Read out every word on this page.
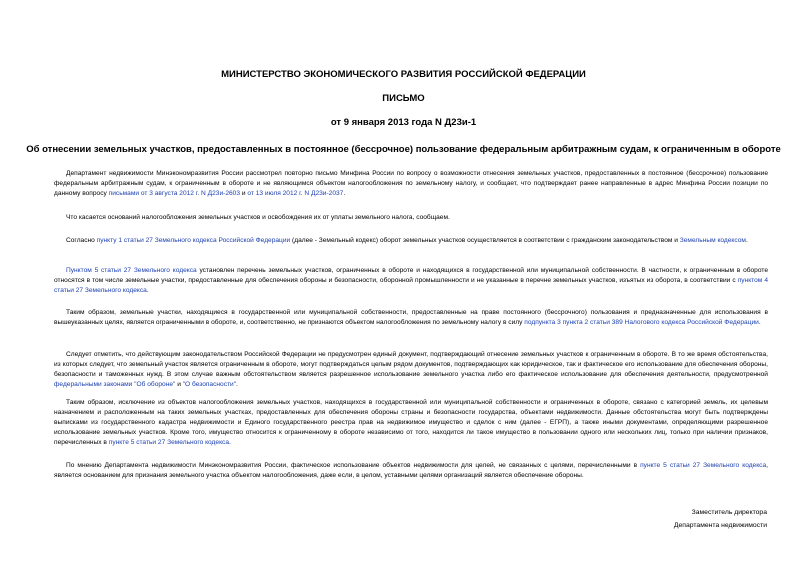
МИНИСТЕРСТВО ЭКОНОМИЧЕСКОГО РАЗВИТИЯ РОССИЙСКОЙ ФЕДЕРАЦИИ
ПИСЬМО
от 9 января 2013 года N Д23и-1
Об отнесении земельных участков, предоставленных в постоянное (бессрочное) пользование федеральным арбитражным судам, к ограниченным в обороте
Департамент недвижимости Минэкономразвития России рассмотрел повторно письмо Минфина России по вопросу о возможности отнесения земельных участков, предоставленных в постоянное (бессрочное) пользование федеральным арбитражным судам, к ограниченным в обороте и не являющимся объектом налогообложения по земельному налогу, и сообщает, что подтверждает ранее направленные в адрес Минфина России позиции по данному вопросу письмами от 3 августа 2012 г. N Д23и-2603 и от 13 июля 2012 г. N Д23и-2037.
Что касается оснований налогообложения земельных участков и освобождения их от уплаты земельного налога, сообщаем.
Согласно пункту 1 статьи 27 Земельного кодекса Российской Федерации (далее - Земельный кодекс) оборот земельных участков осуществляется в соответствии с гражданским законодательством и Земельным кодексом.
Пунктом 5 статьи 27 Земельного кодекса установлен перечень земельных участков, ограниченных в обороте и находящихся в государственной или муниципальной собственности. В частности, к ограниченным в обороте относятся в том числе земельные участки, предоставленные для обеспечения обороны и безопасности, оборонной промышленности и не указанные в перечне земельных участков, изъятых из оборота, в соответствии с пунктом 4 статьи 27 Земельного кодекса.
Таким образом, земельные участки, находящиеся в государственной или муниципальной собственности, предоставленные на праве постоянного (бессрочного) пользования и предназначенные для использования в вышеуказанных целях, является ограниченными в обороте, и, соответственно, не признаются объектом налогообложения по земельному налогу в силу подпункта 3 пункта 2 статьи 389 Налогового кодекса Российской Федерации.
Следует отметить, что действующим законодательством Российской Федерации не предусмотрен единый документ, подтверждающий отнесение земельных участков к ограниченным в обороте. В то же время обстоятельства, из которых следует, что земельный участок является ограниченным в обороте, могут подтверждаться целым рядом документов, подтверждающих как юридическое, так и фактическое его использование для обеспечения обороны, безопасности и таможенных нужд. В этом случае важным обстоятельством является разрешенное использование земельного участка либо его фактическое использование для обеспечения деятельности, предусмотренной федеральными законами "Об обороне" и "О безопасности".
Таким образом, исключение из объектов налогообложения земельных участков, находящихся в государственной или муниципальной собственности и ограниченных в обороте, связано с категорией земель, их целевым назначением и расположенным на таких земельных участках, предоставленных для обеспечения обороны страны и безопасности государства, объектами недвижимости. Данные обстоятельства могут быть подтверждены выписками из государственного кадастра недвижимости и Единого государственного реестра прав на недвижимое имущество и сделок с ним (далее - ЕГРП), а также иными документами, определяющими разрешенное использование земельных участков. Кроме того, имущество относится к ограниченному в обороте независимо от того, находится ли такое имущество в пользовании одного или нескольких лиц, только при наличии признаков, перечисленных в пункте 5 статьи 27 Земельного кодекса.
По мнению Департамента недвижимости Минэкономразвития России, фактическое использование объектов недвижимости для целей, не связанных с целями, перечисленными в пункте 5 статьи 27 Земельного кодекса, является основанием для признания земельного участка объектом налогообложения, даже если, в целом, уставными целями организаций является обеспечение обороны.
Заместитель директора
Департамента недвижимости
